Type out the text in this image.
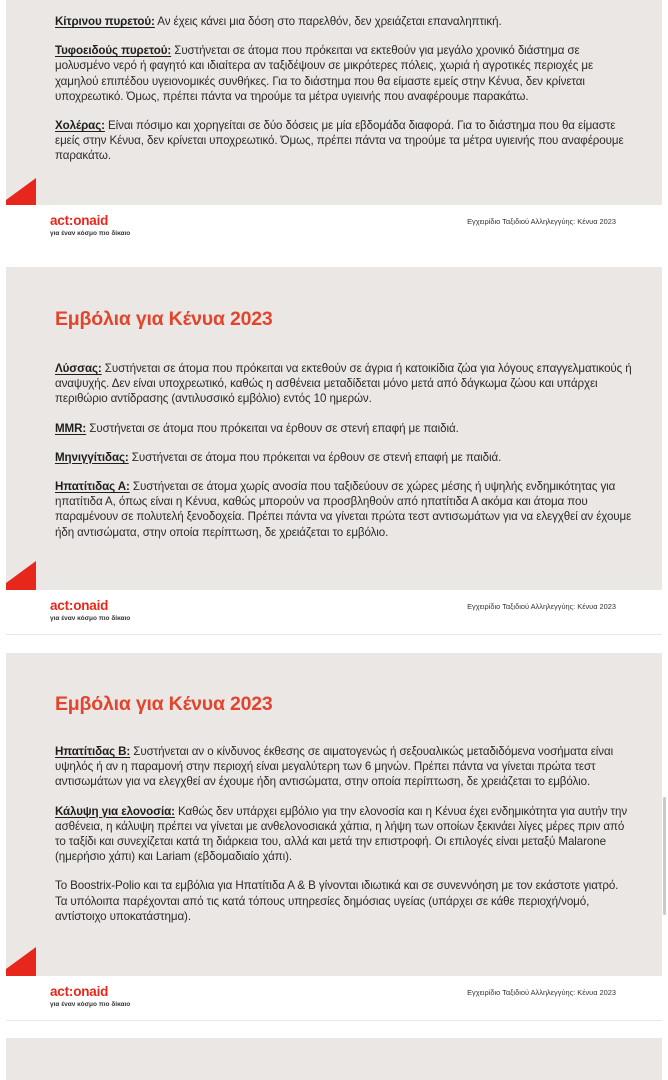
Κίτρινου πυρετού: Αν έχεις κάνει μια δόση στο παρελθόν, δεν χρειάζεται επαναληπτική.

Τυφοειδούς πυρετού: Συστήνεται σε άτομα που πρόκειται να εκτεθούν για μεγάλο χρονικό διάστημα σε μολυσμένο νερό ή φαγητό και ιδιαίτερα αν ταξιδέψουν σε μικρότερες πόλεις, χωριά ή αγροτικές περιοχές με χαμηλού επιπέδου υγειονομικές συνθήκες. Για το διάστημα που θα είμαστε εμείς στην Κένυα, δεν κρίνεται υποχρεωτικό. Όμως, πρέπει πάντα να τηρούμε τα μέτρα υγιεινής που αναφέρουμε παρακάτω.

Χολέρας: Είναι πόσιμο και χορηγείται σε δύο δόσεις με μία εβδομάδα διαφορά. Για το διάστημα που θα είμαστε εμείς στην Κένυα, δεν κρίνεται υποχρεωτικό. Όμως, πρέπει πάντα να τηρούμε τα μέτρα υγιεινής που αναφέρουμε παρακάτω.

act:onaid
για έναν κόσμο πιο δίκαιο
Εγχειρίδιο Ταξιδιού Αλληλεγγύης: Κένυα 2023
Εμβόλια για Κένυα 2023

Λύσσας: Συστήνεται σε άτομα που πρόκειται να εκτεθούν σε άγρια ή κατοικίδια ζώα για λόγους επαγγελματικούς ή αναψυχής. Δεν είναι υποχρεωτικό, καθώς η ασθένεια μεταδίδεται μόνο μετά από δάγκωμα ζώου και υπάρχει περιθώριο αντίδρασης (αντιλυσσικό εμβόλιο) εντός 10 ημερών.

MMR: Συστήνεται σε άτομα που πρόκειται να έρθουν σε στενή επαφή με παιδιά.

Μηνιγγίτιδας: Συστήνεται σε άτομα που πρόκειται να έρθουν σε στενή επαφή με παιδιά.

Ηπατίτιδας Α: Συστήνεται σε άτομα χωρίς ανοσία που ταξιδεύουν σε χώρες μέσης ή υψηλής ενδημικότητας για ηπατίτιδα Α, όπως είναι η Κένυα, καθώς μπορούν να προσβληθούν από ηπατίτιδα Α ακόμα και άτομα που παραμένουν σε πολυτελή ξενοδοχεία. Πρέπει πάντα να γίνεται πρώτα τεστ αντισωμάτων για να ελεγχθεί αν έχουμε ήδη αντισώματα, στην οποία περίπτωση, δε χρειάζεται το εμβόλιο.

act:onaid
για έναν κόσμο πιο δίκαιο
Εγχειρίδιο Ταξιδιού Αλληλεγγύης: Κένυα 2023
Εμβόλια για Κένυα 2023

Ηπατίτιδας Β: Συστήνεται αν ο κίνδυνος έκθεσης σε αιματογενώς ή σεξουαλικώς μεταδιδόμενα νοσήματα είναι υψηλός ή αν η παραμονή στην περιοχή είναι μεγαλύτερη των 6 μηνών. Πρέπει πάντα να γίνεται πρώτα τεστ αντισωμάτων για να ελεγχθεί αν έχουμε ήδη αντισώματα, στην οποία περίπτωση, δε χρειάζεται το εμβόλιο.

Κάλυψη για ελονοσία: Καθώς δεν υπάρχει εμβόλιο για την ελονοσία και η Κένυα έχει ενδημικότητα για αυτήν την ασθένεια, η κάλυψη πρέπει να γίνεται με ανθελονοσιακά χάπια, η λήψη των οποίων ξεκινάει λίγες μέρες πριν από το ταξίδι και συνεχίζεται κατά τη διάρκεια του, αλλά και μετά την επιστροφή. Οι επιλογές είναι μεταξύ Malarone (ημερήσιο χάπι) και Lariam (εβδομαδιαίο χάπι).

Το Boostrix-Polio και τα εμβόλια για Ηπατίτιδα Α & Β γίνονται ιδιωτικά και σε συνεννόηση με τον εκάστοτε γιατρό. Τα υπόλοιπα παρέχονται από τις κατά τόπους υπηρεσίες δημόσιας υγείας (υπάρχει σε κάθε περιοχή/νομό, αντίστοιχο υποκατάστημα).

act:onaid
για έναν κόσμο πιο δίκαιο
Εγχειρίδιο Ταξιδιού Αλληλεγγύης: Κένυα 2023
